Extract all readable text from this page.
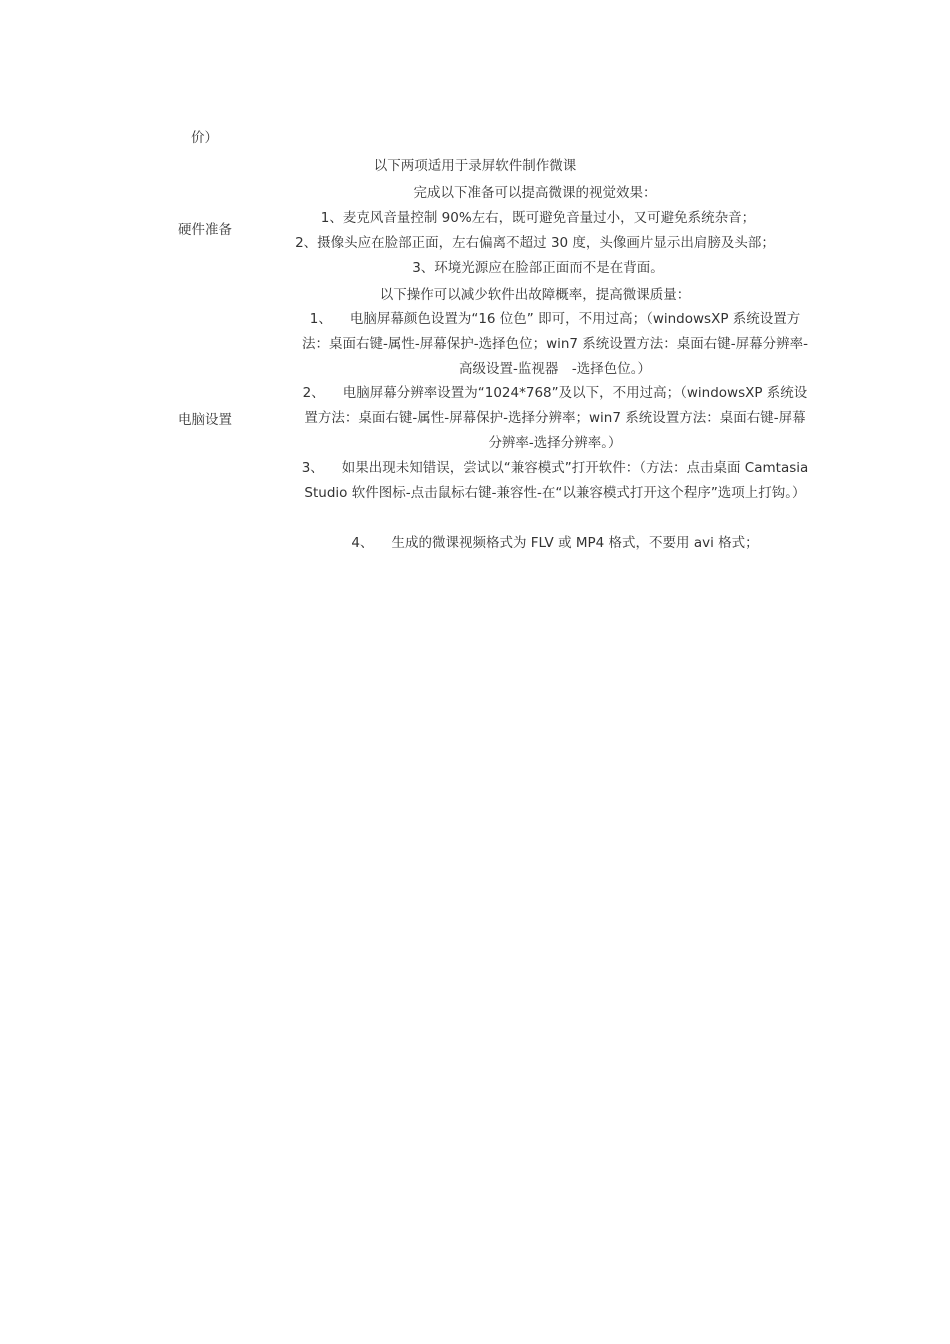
价）
以下两项适用于录屏软件制作微课
硬件准备
完成以下准备可以提高微课的视觉效果：
1、麦克风音量控制 90%左右，既可避免音量过小，又可避免系统杂音；
2、摄像头应在脸部正面，左右偏离不超过 30 度，头像画片显示出肩膀及头部；
3、环境光源应在脸部正面而不是在背面。
电脑设置
以下操作可以减少软件出故障概率，提高微课质量：
1、 电脑屏幕颜色设置为“16 位色” 即可，不用过高；（windowsXP 系统设置方法：桌面右键-属性-屏幕保护-选择色位；win7 系统设置方法：桌面右键-屏幕分辨率-高级设置-监视器　-选择色位。）
2、 电脑屏幕分辨率设置为“1024*768”及以下，不用过高；（windowsXP 系统设置方法：桌面右键-属性-屏幕保护-选择分辨率；win7 系统设置方法：桌面右键-屏幕分辨率-选择分辨率。）
3、 如果出现未知错误，尝试以“兼容模式”打开软件：（方法：点击桌面 Camtasia Studio 软件图标-点击鼠标右键-兼容性-在“以兼容模式打开这个程序”选项上打钩。）
4、 生成的微课视频格式为 FLV 或 MP4 格式，不要用 avi 格式；
